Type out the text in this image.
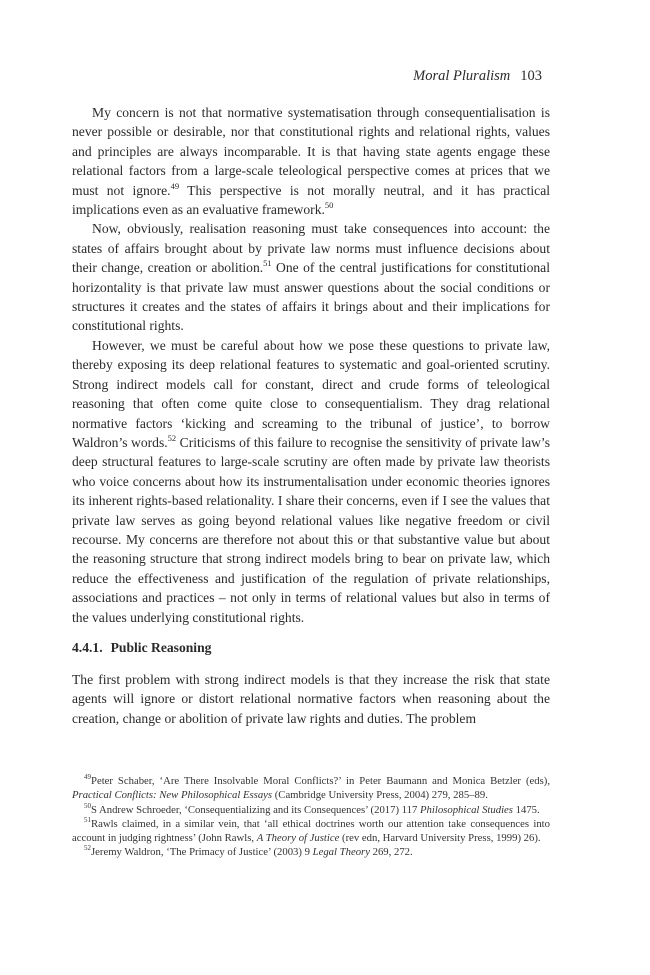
Moral Pluralism 103

My concern is not that normative systematisation through consequentialisation is never possible or desirable, nor that constitutional rights and relational rights, values and principles are always incomparable. It is that having state agents engage these relational factors from a large-scale teleological perspective comes at prices that we must not ignore.$^{49}$ This perspective is not morally neutral, and it has practical implications even as an evaluative framework.$^{50}$

Now, obviously, realisation reasoning must take consequences into account: the states of affairs brought about by private law norms must influence decisions about their change, creation or abolition.$^{51}$ One of the central justifications for constitutional horizontality is that private law must answer questions about the social conditions or structures it creates and the states of affairs it brings about and their implications for constitutional rights.

However, we must be careful about how we pose these questions to private law, thereby exposing its deep relational features to systematic and goal-oriented scrutiny. Strong indirect models call for constant, direct and crude forms of teleological reasoning that often come quite close to consequentialism. They drag relational normative factors ‘kicking and screaming to the tribunal of justice’, to borrow Waldron’s words.$^{52}$ Criticisms of this failure to recognise the sensitivity of private law’s deep structural features to large-scale scrutiny are often made by private law theorists who voice concerns about how its instrumentalisation under economic theories ignores its inherent rights-based relationality. I share their concerns, even if I see the values that private law serves as going beyond relational values like negative freedom or civil recourse. My concerns are therefore not about this or that substantive value but about the reasoning structure that strong indirect models bring to bear on private law, which reduce the effectiveness and justification of the regulation of private relationships, associations and practices – not only in terms of relational values but also in terms of the values underlying constitutional rights.

4.4.1. Public Reasoning

The first problem with strong indirect models is that they increase the risk that state agents will ignore or distort relational normative factors when reasoning about the creation, change or abolition of private law rights and duties. The problem

$^{49}$Peter Schaber, ‘Are There Insolvable Moral Conflicts?’ in Peter Baumann and Monica Betzler (eds), Practical Conflicts: New Philosophical Essays (Cambridge University Press, 2004) 279, 285–89.

$^{50}$S Andrew Schroeder, ‘Consequentializing and its Consequences’ (2017) 117 Philosophical Studies 1475.

$^{51}$Rawls claimed, in a similar vein, that ‘all ethical doctrines worth our attention take consequences into account in judging rightness’ (John Rawls, A Theory of Justice (rev edn, Harvard University Press, 1999) 26).

$^{52}$Jeremy Waldron, ‘The Primacy of Justice’ (2003) 9 Legal Theory 269, 272.
